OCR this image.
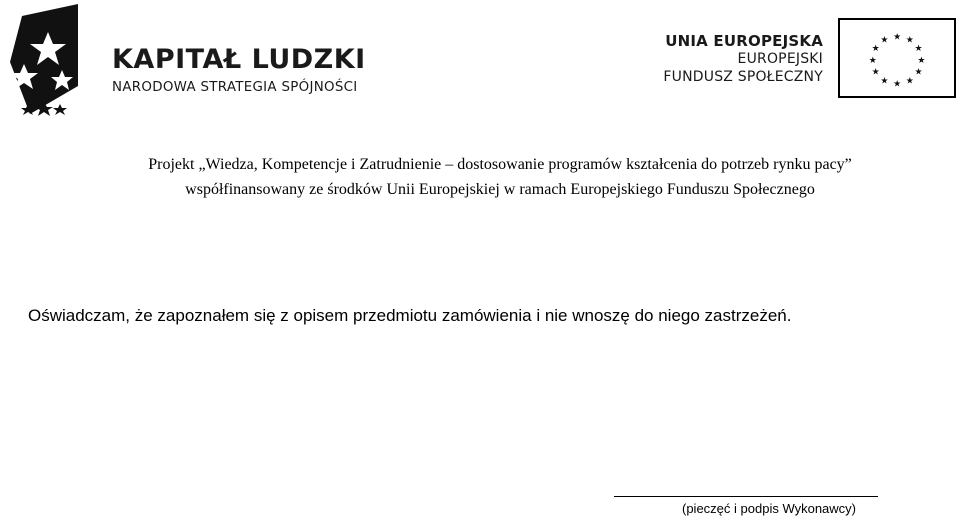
KAPITAŁ LUDZKI
NARODOWA STRATEGIA SPÓJNOŚCI
UNIA EUROPEJSKA
EUROPEJSKI
FUNDUSZ SPOŁECZNY
★ ★
★
★
★
★
★
★
★
★
★
★
Projekt „Wiedza, Kompetencje i Zatrudnienie – dostosowanie programów kształcenia do potrzeb rynku pacy”
współfinansowany ze środków Unii Europejskiej w ramach Europejskiego Funduszu Społecznego
Oświadczam, że zapoznałem się z opisem przedmiotu zamówienia i nie wnoszę do niego zastrzeżeń.
(pieczęć i podpis Wykonawcy)
